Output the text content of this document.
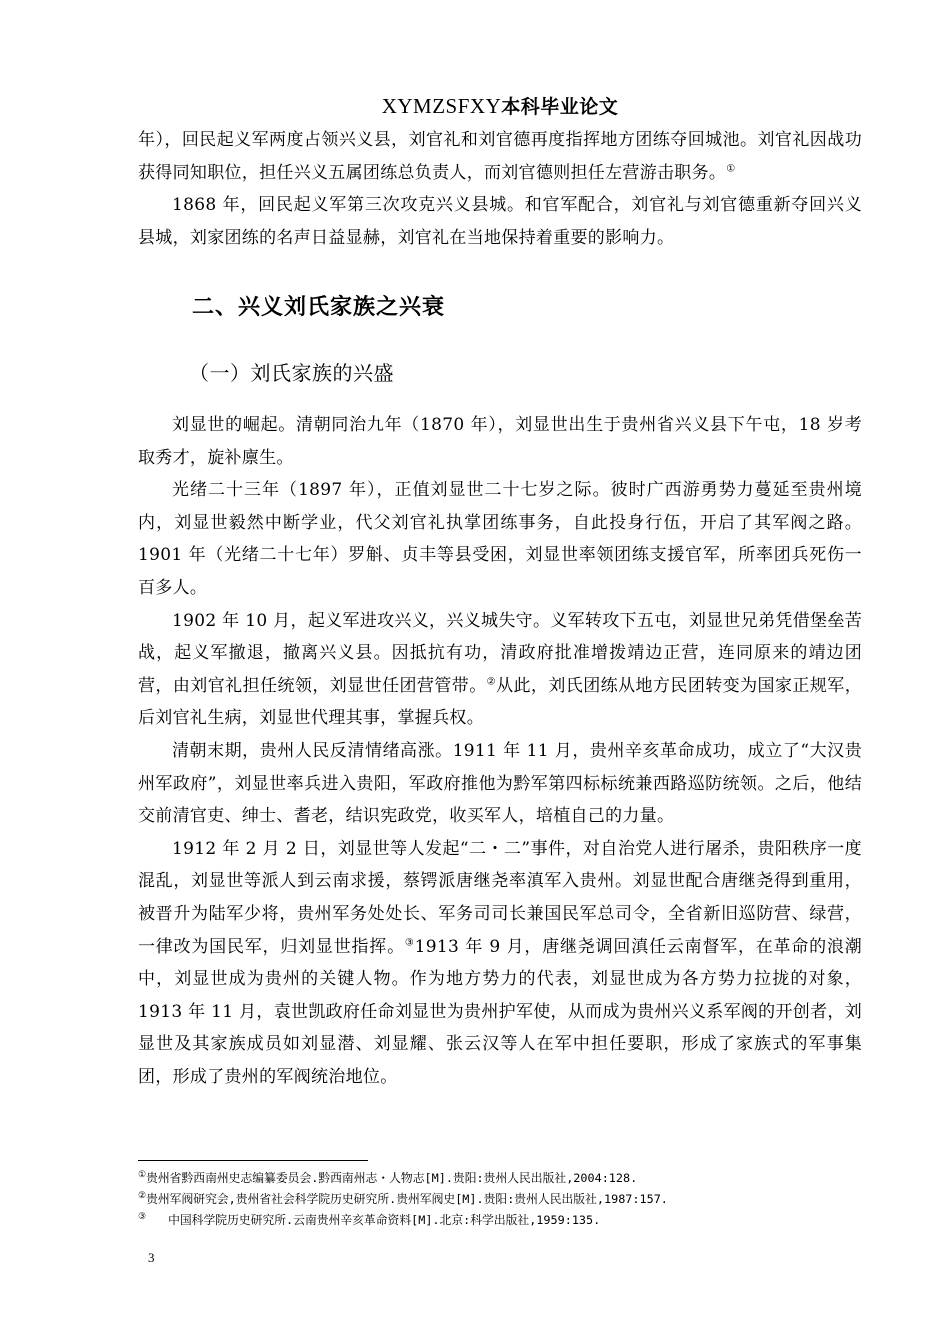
XYMZSFXY本科毕业论文

年），回民起义军两度占领兴义县，刘官礼和刘官德再度指挥地方团练夺回城池。刘官礼因战功获得同知职位，担任兴义五属团练总负责人，而刘官德则担任左营游击职务。①

1868 年，回民起义军第三次攻克兴义县城。和官军配合，刘官礼与刘官德重新夺回兴义县城，刘家团练的名声日益显赫，刘官礼在当地保持着重要的影响力。

二、兴义刘氏家族之兴衰
（一）刘氏家族的兴盛

刘显世的崛起。清朝同治九年（1870 年），刘显世出生于贵州省兴义县下午屯，18 岁考取秀才，旋补廪生。

光绪二十三年（1897 年），正值刘显世二十七岁之际。彼时广西游勇势力蔓延至贵州境内，刘显世毅然中断学业，代父刘官礼执掌团练事务，自此投身行伍，开启了其军阀之路。1901 年（光绪二十七年）罗斛、贞丰等县受困，刘显世率领团练支援官军，所率团兵死伤一百多人。

1902 年 10 月，起义军进攻兴义，兴义城失守。义军转攻下五屯，刘显世兄弟凭借堡垒苦战，起义军撤退，撤离兴义县。因抵抗有功，清政府批准增拨靖边正营，连同原来的靖边团营，由刘官礼担任统领，刘显世任团营管带。②从此，刘氏团练从地方民团转变为国家正规军，后刘官礼生病，刘显世代理其事，掌握兵权。

清朝末期，贵州人民反清情绪高涨。1911 年 11 月，贵州辛亥革命成功，成立了“大汉贵州军政府”，刘显世率兵进入贵阳，军政府推他为黔军第四标标统兼西路巡防统领。之后，他结交前清官吏、绅士、耆老，结识宪政党，收买军人，培植自己的力量。

1912 年 2 月 2 日，刘显世等人发起“二・二”事件，对自治党人进行屠杀，贵阳秩序一度混乱，刘显世等派人到云南求援，蔡锷派唐继尧率滇军入贵州。刘显世配合唐继尧得到重用，被晋升为陆军少将，贵州军务处处长、军务司司长兼国民军总司令，全省新旧巡防营、绿营，一律改为国民军，归刘显世指挥。③1913 年 9 月，唐继尧调回滇任云南督军，在革命的浪潮中，刘显世成为贵州的关键人物。作为地方势力的代表，刘显世成为各方势力拉拢的对象，1913 年 11 月，袁世凯政府任命刘显世为贵州护军使，从而成为贵州兴义系军阀的开创者，刘显世及其家族成员如刘显潜、刘显耀、张云汉等人在军中担任要职，形成了家族式的军事集团，形成了贵州的军阀统治地位。

①贵州省黔西南州史志编纂委员会.黔西南州志・人物志[M].贵阳:贵州人民出版社,2004:128.
②贵州军阀研究会,贵州省社会科学院历史研究所.贵州军阀史[M].贵阳:贵州人民出版社,1987:157.
③ 中国科学院历史研究所.云南贵州辛亥革命资料[M].北京:科学出版社,1959:135.
3
